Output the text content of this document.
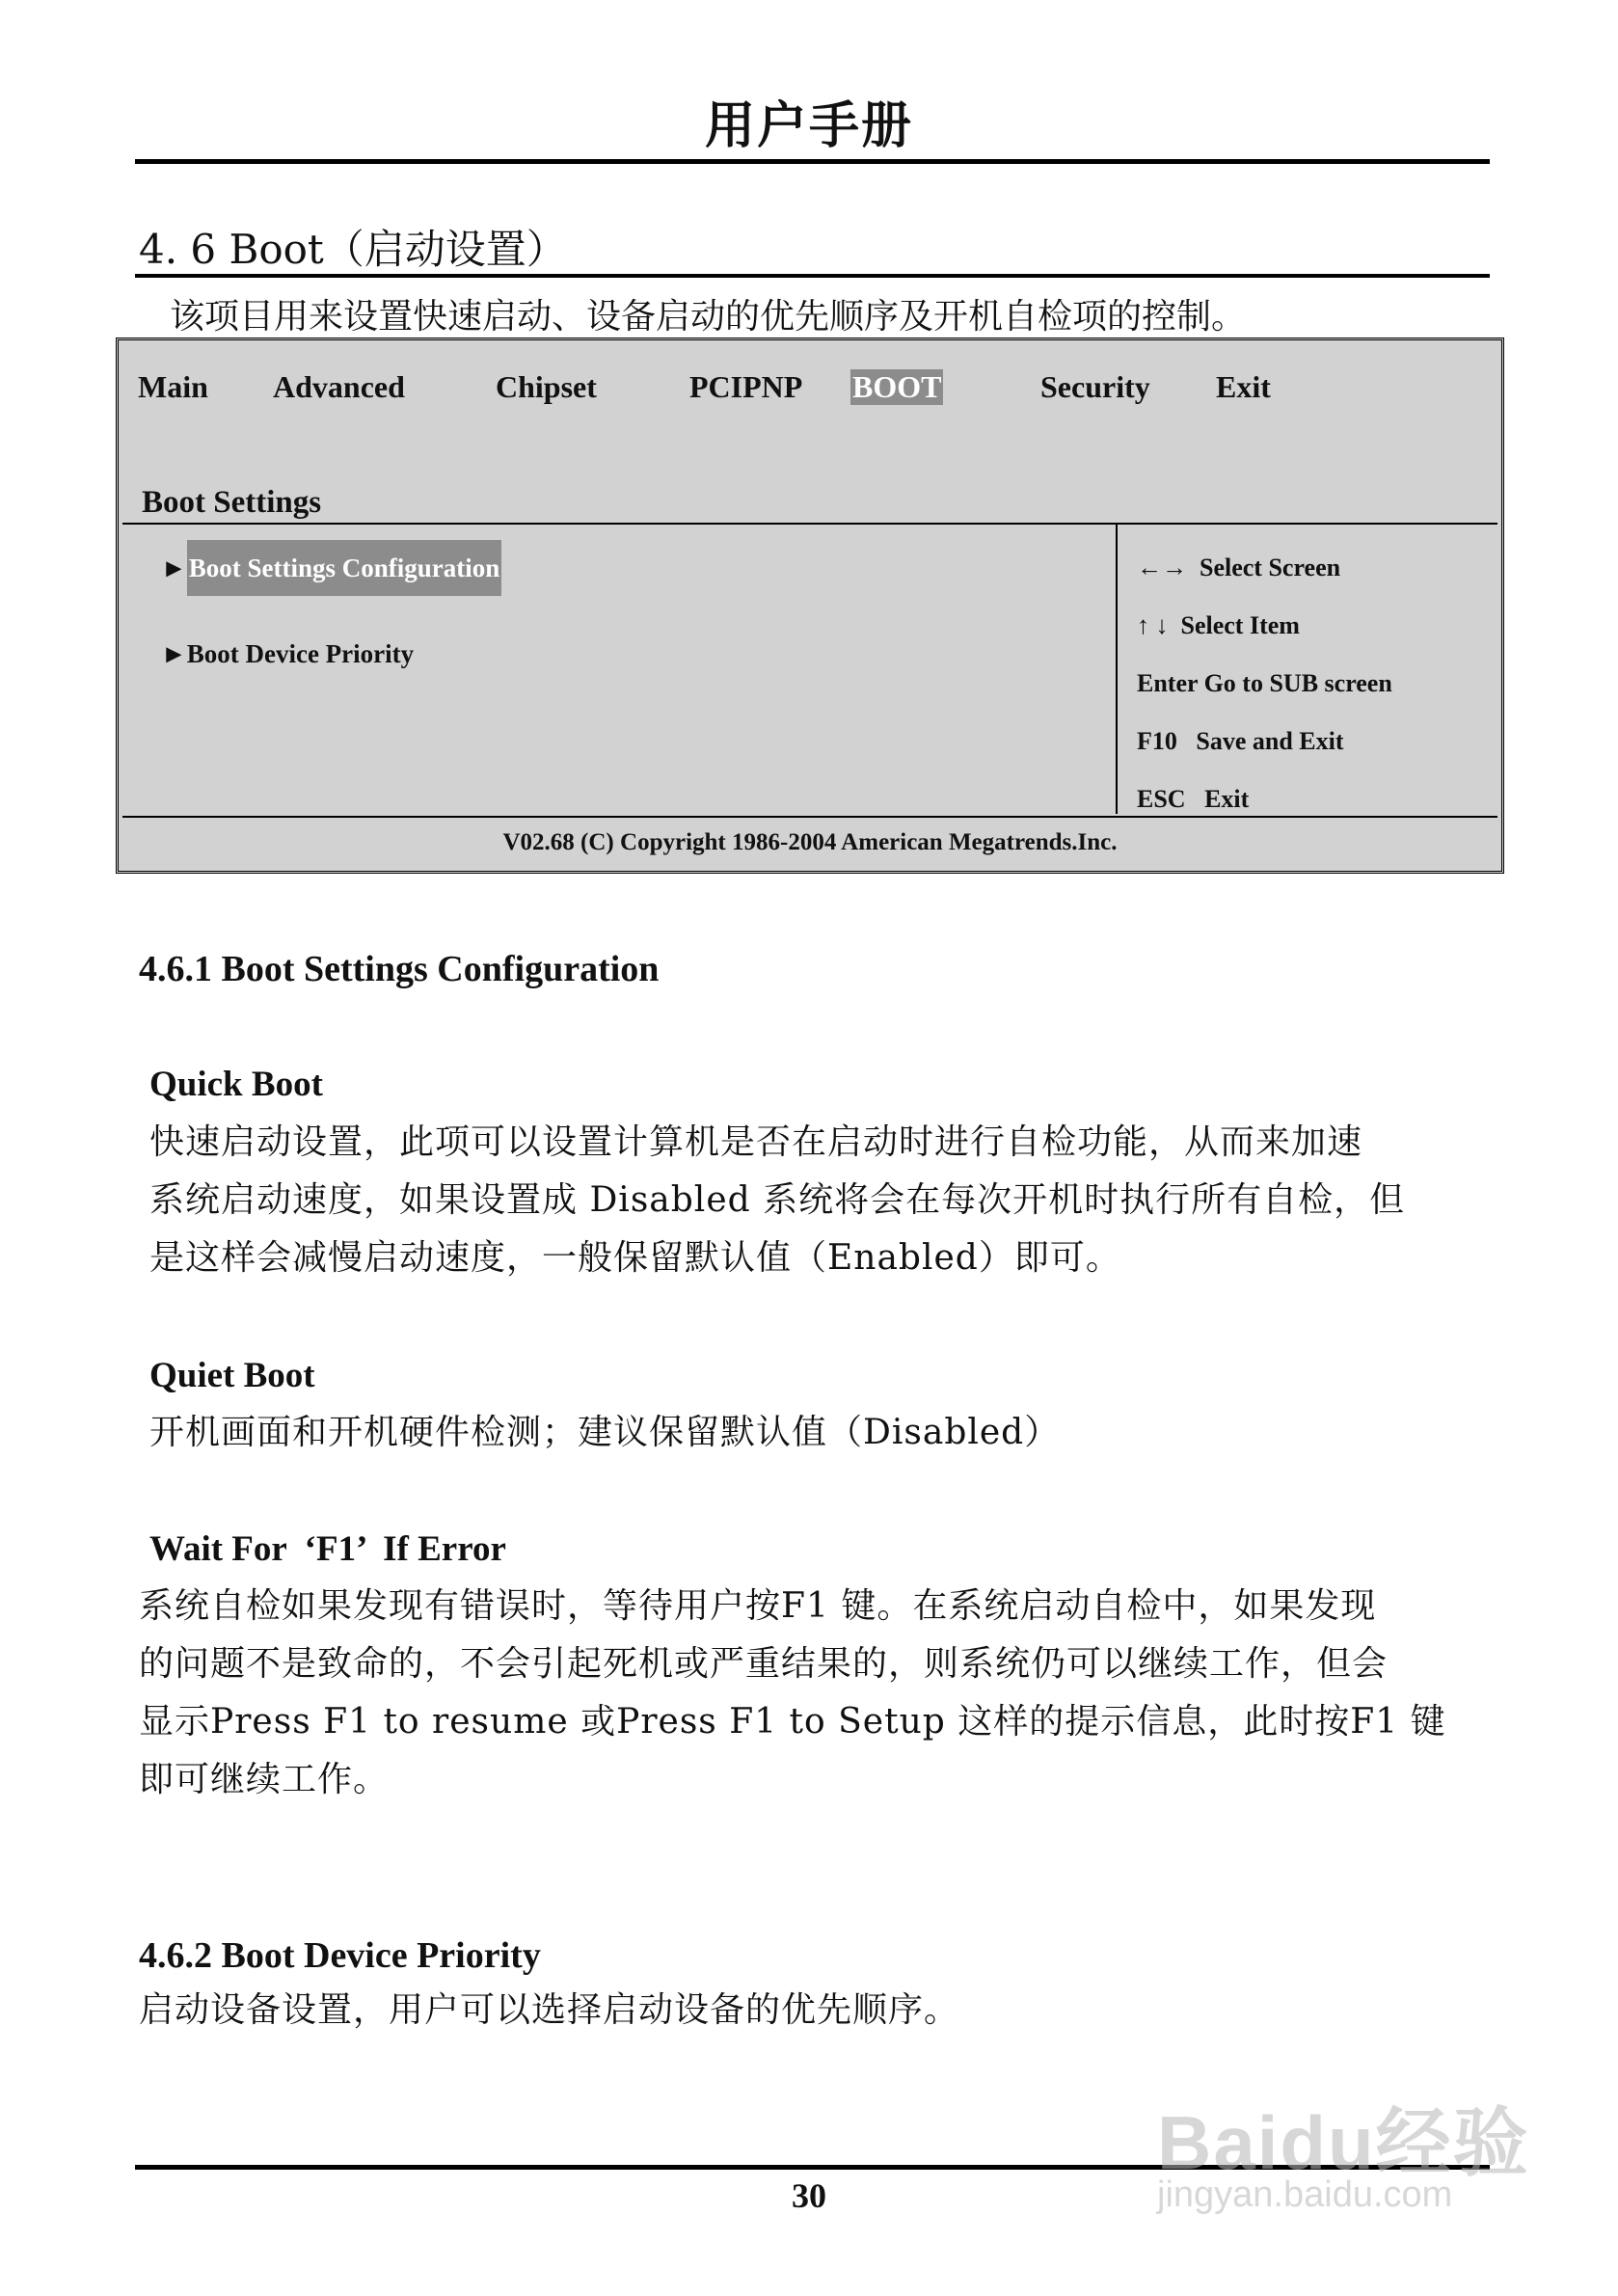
用户手册
4. 6 Boot（启动设置）
该项目用来设置快速启动、设备启动的优先顺序及开机自检项的控制。
Main Advanced	Chipset	PCIPNP BOOT	Security Exit
Boot Settings
►Boot Settings Configuration
►Boot Device Priority
←→  Select Screen
↑ ↓  Select Item
Enter Go to SUB screen
F10   Save and Exit
ESC   Exit
V02.68 (C) Copyright 1986-2004 American Megatrends.Inc.
4.6.1 Boot Settings Configuration
Quick Boot
快速启动设置，此项可以设置计算机是否在启动时进行自检功能，从而来加速
系统启动速度，如果设置成 Disabled 系统将会在每次开机时执行所有自检，但
是这样会减慢启动速度，一般保留默认值（Enabled）即可。
Quiet Boot
开机画面和开机硬件检测；建议保留默认值（Disabled）
Wait For  ‘F1’  If Error
系统自检如果发现有错误时，等待用户按F1 键。在系统启动自检中，如果发现
的问题不是致命的，不会引起死机或严重结果的，则系统仍可以继续工作，但会
显示Press F1 to resume 或Press F1 to Setup 这样的提示信息，此时按F1 键
即可继续工作。
4.6.2 Boot Device Priority
启动设备设置，用户可以选择启动设备的优先顺序。
30
Baidu经验
jingyan.baidu.com
